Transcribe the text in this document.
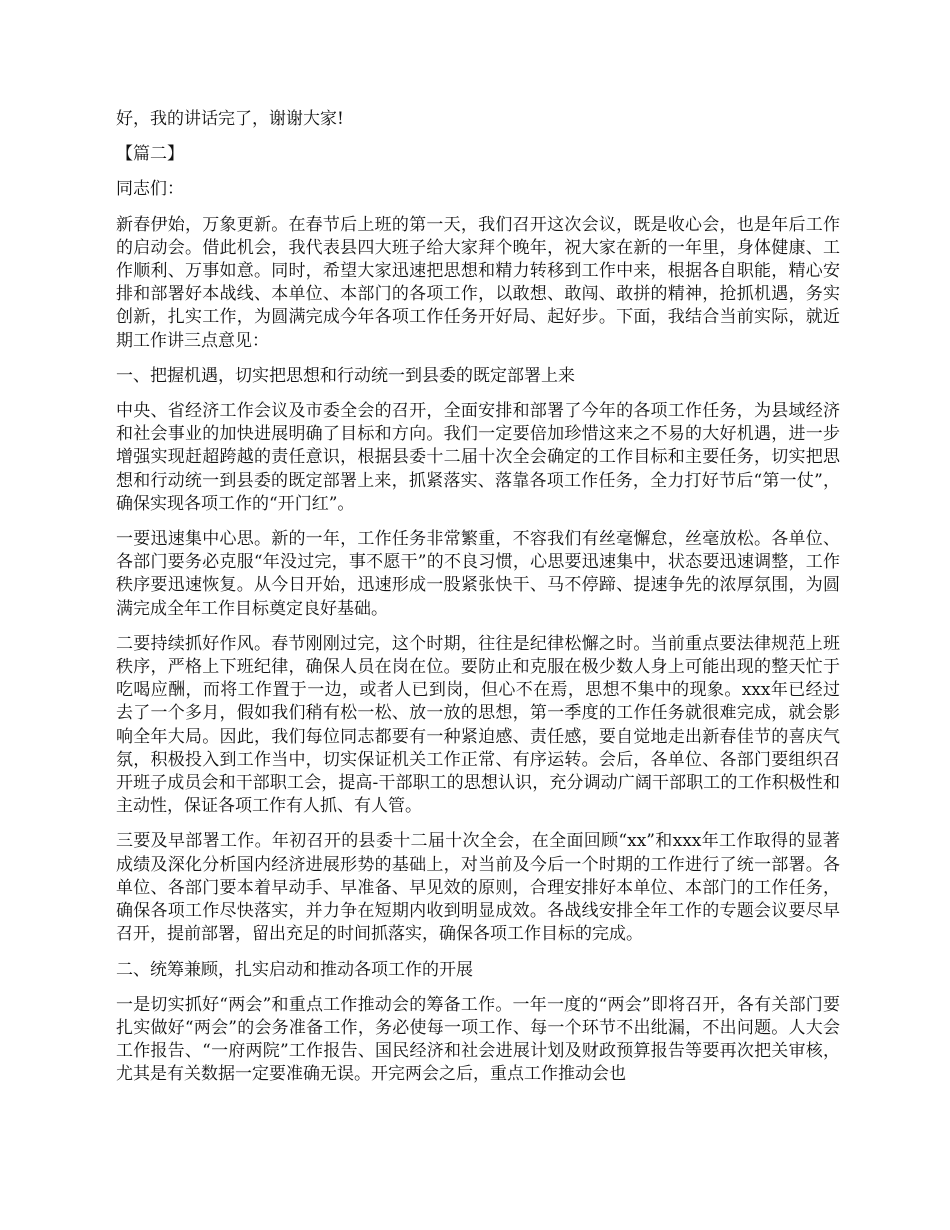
好，我的讲话完了，谢谢大家!

【篇二】

同志们：

新春伊始，万象更新。在春节后上班的第一天，我们召开这次会议，既是收心会，也是年后工作的启动会。借此机会，我代表县四大班子给大家拜个晚年，祝大家在新的一年里，身体健康、工作顺利、万事如意。同时，希望大家迅速把思想和精力转移到工作中来，根据各自职能，精心安排和部署好本战线、本单位、本部门的各项工作，以敢想、敢闯、敢拼的精神，抢抓机遇，务实创新，扎实工作，为圆满完成今年各项工作任务开好局、起好步。下面，我结合当前实际，就近期工作讲三点意见：

一、把握机遇，切实把思想和行动统一到县委的既定部署上来

中央、省经济工作会议及市委全会的召开，全面安排和部署了今年的各项工作任务，为县域经济和社会事业的加快进展明确了目标和方向。我们一定要倍加珍惜这来之不易的大好机遇，进一步增强实现赶超跨越的责任意识，根据县委十二届十次全会确定的工作目标和主要任务，切实把思想和行动统一到县委的既定部署上来，抓紧落实、落靠各项工作任务，全力打好节后“第一仗”，确保实现各项工作的“开门红”。

一要迅速集中心思。新的一年，工作任务非常繁重，不容我们有丝毫懈怠，丝毫放松。各单位、各部门要务必克服“年没过完，事不愿干”的不良习惯，心思要迅速集中，状态要迅速调整，工作秩序要迅速恢复。从今日开始，迅速形成一股紧张快干、马不停蹄、提速争先的浓厚氛围，为圆满完成全年工作目标奠定良好基础。

二要持续抓好作风。春节刚刚过完，这个时期，往往是纪律松懈之时。当前重点要法律规范上班秩序，严格上下班纪律，确保人员在岗在位。要防止和克服在极少数人身上可能出现的整天忙于吃喝应酬，而将工作置于一边，或者人已到岗，但心不在焉，思想不集中的现象。xxx年已经过去了一个多月，假如我们稍有松一松、放一放的思想，第一季度的工作任务就很难完成，就会影响全年大局。因此，我们每位同志都要有一种紧迫感、责任感，要自觉地走出新春佳节的喜庆气氛，积极投入到工作当中，切实保证机关工作正常、有序运转。会后，各单位、各部门要组织召开班子成员会和干部职工会，提高-干部职工的思想认识，充分调动广阔干部职工的工作积极性和主动性，保证各项工作有人抓、有人管。

三要及早部署工作。年初召开的县委十二届十次全会，在全面回顾“xx”和xxx年工作取得的显著成绩及深化分析国内经济进展形势的基础上，对当前及今后一个时期的工作进行了统一部署。各单位、各部门要本着早动手、早准备、早见效的原则，合理安排好本单位、本部门的工作任务，确保各项工作尽快落实，并力争在短期内收到明显成效。各战线安排全年工作的专题会议要尽早召开，提前部署，留出充足的时间抓落实，确保各项工作目标的完成。

二、统筹兼顾，扎实启动和推动各项工作的开展

一是切实抓好“两会”和重点工作推动会的筹备工作。一年一度的“两会”即将召开，各有关部门要扎实做好“两会”的会务准备工作，务必使每一项工作、每一个环节不出纰漏，不出问题。人大会工作报告、“一府两院”工作报告、国民经济和社会进展计划及财政预算报告等要再次把关审核，尤其是有关数据一定要准确无误。开完两会之后，重点工作推动会也
